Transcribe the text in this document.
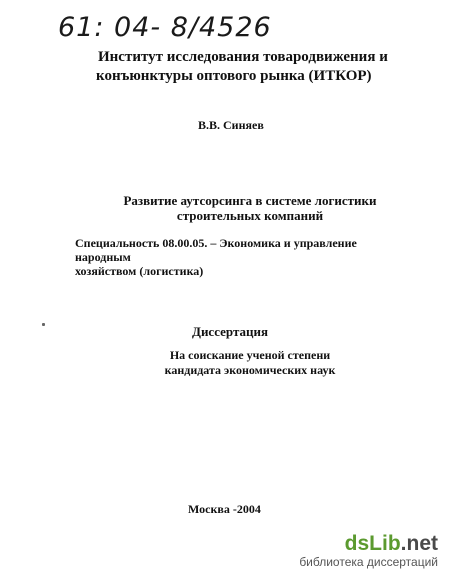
61: 04- 8/4526
Институт исследования товародвижения и
конъюнктуры оптового рынка (ИТКОР)
В.В. Синяев
Развитие аутсорсинга в системе логистики
строительных компаний
Специальность 08.00.05. – Экономика и управление народным
хозяйством (логистика)
Диссертация
На соискание ученой степени
кандидата экономических наук
Москва -2004
dsLib.net
библиотека диссертаций
